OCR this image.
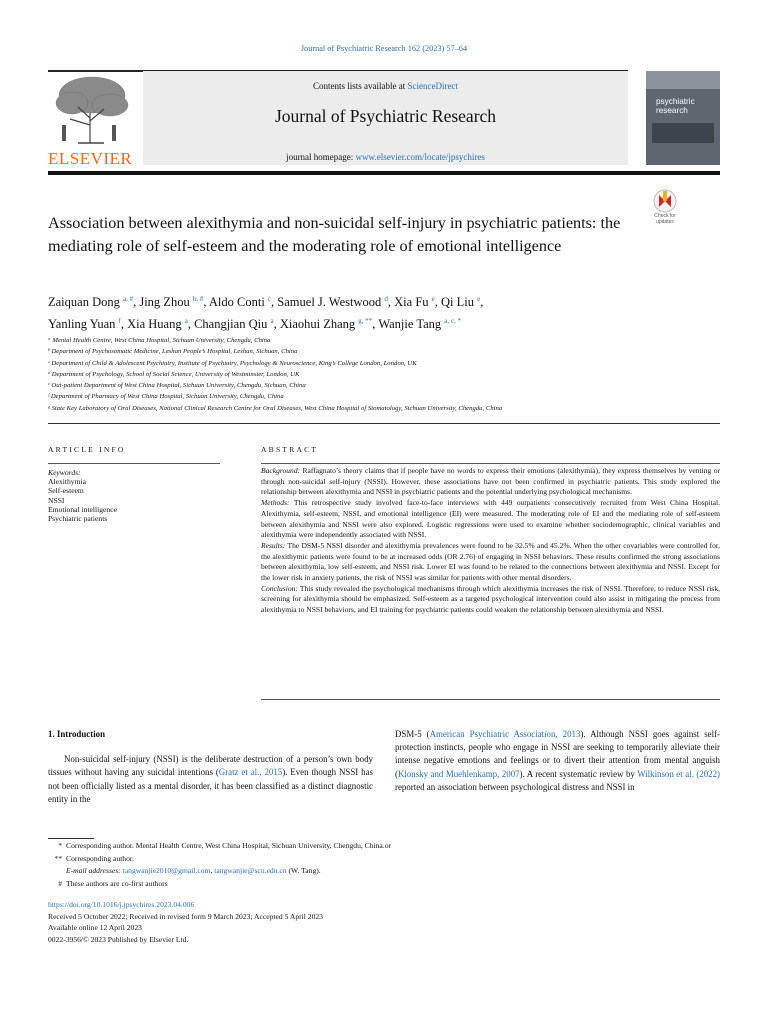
Journal of Psychiatric Research 162 (2023) 57–64
ELSEVIER
Contents lists available at ScienceDirect
Journal of Psychiatric Research
journal homepage: www.elsevier.com/locate/jpsychires
psychiatric
research
Association between alexithymia and non-suicidal self-injury in psychiatric patients: the mediating role of self-esteem and the moderating role of emotional intelligence
Check for
updates
Zaiquan Dong $^{a, \#}$, Jing Zhou $^{b, \#}$, Aldo Conti $^c$, Samuel J. Westwood $^d$, Xia Fu $^e$, Qi Liu $^e$,
Yanling Yuan $^f$, Xia Huang $^a$, Changjian Qiu $^a$, Xiaohui Zhang $^{g, **}$, Wanjie Tang $^{a, c, *}$
ᵃ Mental Health Centre, West China Hospital, Sichuan University, Chengdu, China
ᵇ Department of Psychosomatic Medicine, Leshan People’s Hospital, Leshan, Sichuan, China
ᶜ Department of Child & Adolescent Psychiatry, Institute of Psychiatry, Psychology & Neuroscience, King’s College London, London, UK
ᵈ Department of Psychology, School of Social Science, University of Westminster, London, UK
ᵉ Out-patient Department of West China Hospital, Sichuan University, Chengdu, Sichuan, China
ᶠ Department of Pharmacy of West China Hospital, Sichuan University, Chengdu, China
ᵍ State Key Laboratory of Oral Diseases, National Clinical Research Centre for Oral Diseases, West China Hospital of Stomatology, Sichuan University, Chengdu, China
ARTICLE INFO
Keywords:
Alexithymia
Self-esteem
NSSI
Emotional intelligence
Psychiatric patients
ABSTRACT
Background: Raffagnato’s theory claims that if people have no words to express their emotions (alexithymia), they express themselves by venting or through non-suicidal self-injury (NSSI). However, these associations have not been confirmed in psychiatric patients. This study explored the relationship between alexithymia and NSSI in psychiatric patients and the potential underlying psychological mechanisms.
Methods: This retrospective study involved face-to-face interviews with 449 outpatients consecutively recruited from West China Hospital. Alexithymia, self-esteem, NSSI, and emotional intelligence (EI) were measured. The moderating role of EI and the mediating role of self-esteem between alexithymia and NSSI were also explored. Logistic regressions were used to examine whether sociodemographic, clinical variables and alexithymia were independently associated with NSSI.
Results: The DSM-5 NSSI disorder and alexithymia prevalences were found to be 32.5% and 45.2%. When the other covariables were controlled for, the alexithymic patients were found to be at increased odds (OR 2.76) of engaging in NSSI behaviors. These results confirmed the strong associations between alexithymia, low self-esteem, and NSSI risk. Lower EI was found to be related to the connections between alexithymia and NSSI. Except for the lower risk in anxiety patients, the risk of NSSI was similar for patients with other mental disorders.
Conclusion: This study revealed the psychological mechanisms through which alexithymia increases the risk of NSSI. Therefore, to reduce NSSI risk, screening for alexithymia should be emphasized. Self-esteem as a targeted psychological intervention could also assist in mitigating the process from alexithymia to NSSI behaviors, and EI training for psychiatric patients could weaken the relationship between alexithymia and NSSI.
1. Introduction
Non-suicidal self-injury (NSSI) is the deliberate destruction of a person’s own body tissues without having any suicidal intentions (Gratz et al., 2015). Even though NSSI has not been officially listed as a mental disorder, it has been classified as a distinct diagnostic entity in the
DSM-5 (American Psychiatric Association, 2013). Although NSSI goes against self-protection instincts, people who engage in NSSI are seeking to temporarily alleviate their intense negative emotions and feelings or to divert their attention from mental anguish (Klonsky and Muehlenkamp, 2007). A recent systematic review by Wilkinson et al. (2022) reported an association between psychological distress and NSSI in
* Corresponding author. Mental Health Centre, West China Hospital, Sichuan University, Chengdu, China.or
** Corresponding author.
E-mail addresses: tangwanjie2010@gmail.com, tangwanjie@scu.edu.cn (W. Tang).
# These authors are co-first authors
https://doi.org/10.1016/j.jpsychires.2023.04.006
Received 5 October 2022; Received in revised form 9 March 2023; Accepted 5 April 2023
Available online 12 April 2023
0022-3956/© 2023 Published by Elsevier Ltd.
